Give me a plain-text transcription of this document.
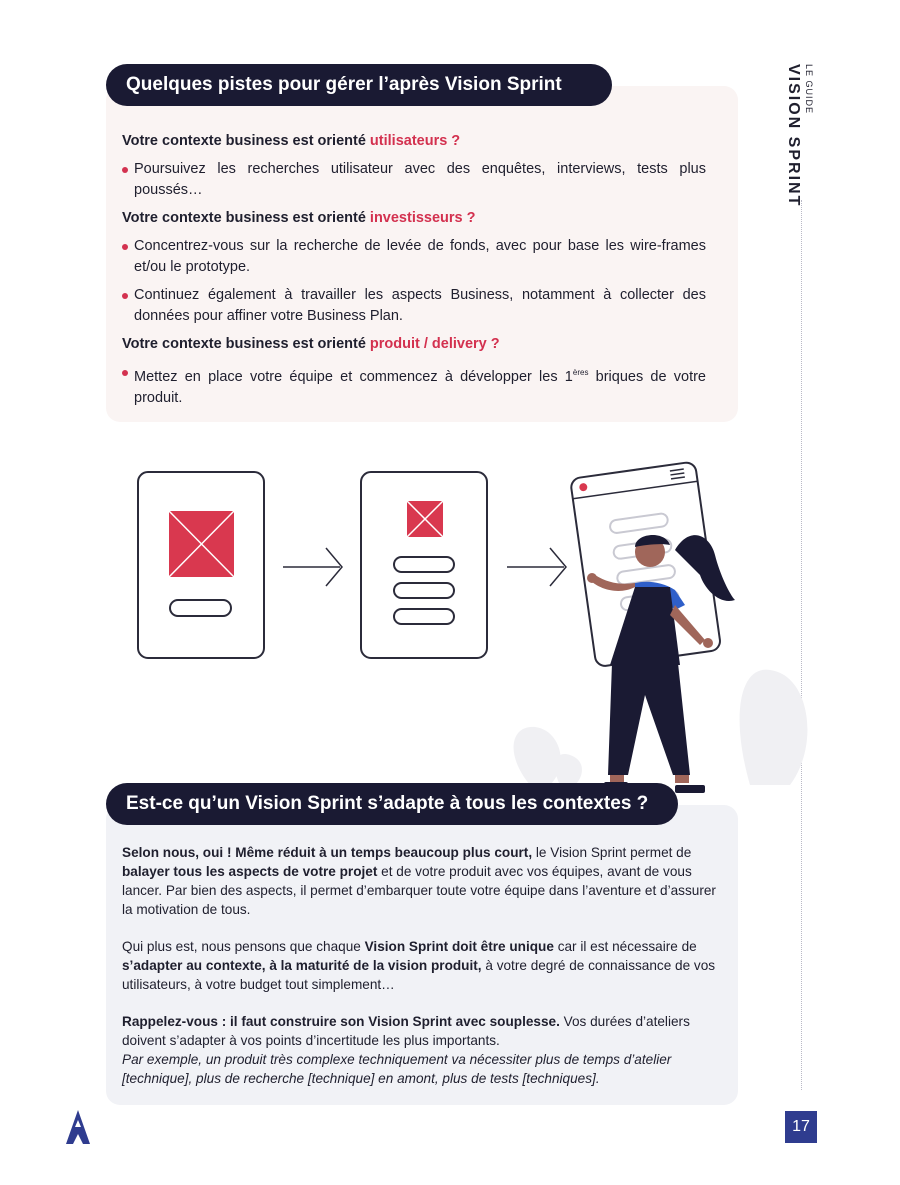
LE GUIDE
VISION SPRINT
Quelques pistes pour gérer l’après Vision Sprint

Votre contexte business est orienté utilisateurs ?

Poursuivez les recherches utilisateur avec des enquêtes, interviews, tests plus poussés…

Votre contexte business est orienté investisseurs ?

Concentrez-vous sur la recherche de levée de fonds, avec pour base les wire-frames et/ou le prototype.

Continuez également à travailler les aspects Business, notamment à collecter des données pour affiner votre Business Plan.

Votre contexte business est orienté produit / delivery ?

Mettez en place votre équipe et commencez à développer les 1ères briques de votre produit.

Est-ce qu’un Vision Sprint s’adapte à tous les contextes ?

Selon nous, oui ! Même réduit à un temps beaucoup plus court, le Vision Sprint permet de balayer tous les aspects de votre projet et de votre produit avec vos équipes, avant de vous lancer. Par bien des aspects, il permet d’embarquer toute votre équipe dans l’aventure et d’assurer la motivation de tous.

Qui plus est, nous pensons que chaque Vision Sprint doit être unique car il est nécessaire de s’adapter au contexte, à la maturité de la vision produit, à votre degré de connaissance de vos utilisateurs, à votre budget tout simplement…

Rappelez-vous : il faut construire son Vision Sprint avec souplesse. Vos durées d’ateliers doivent s’adapter à vos points d’incertitude les plus importants.
Par exemple, un produit très complexe techniquement va nécessiter plus de temps d’atelier [technique], plus de recherche [technique] en amont, plus de tests [techniques].

17
